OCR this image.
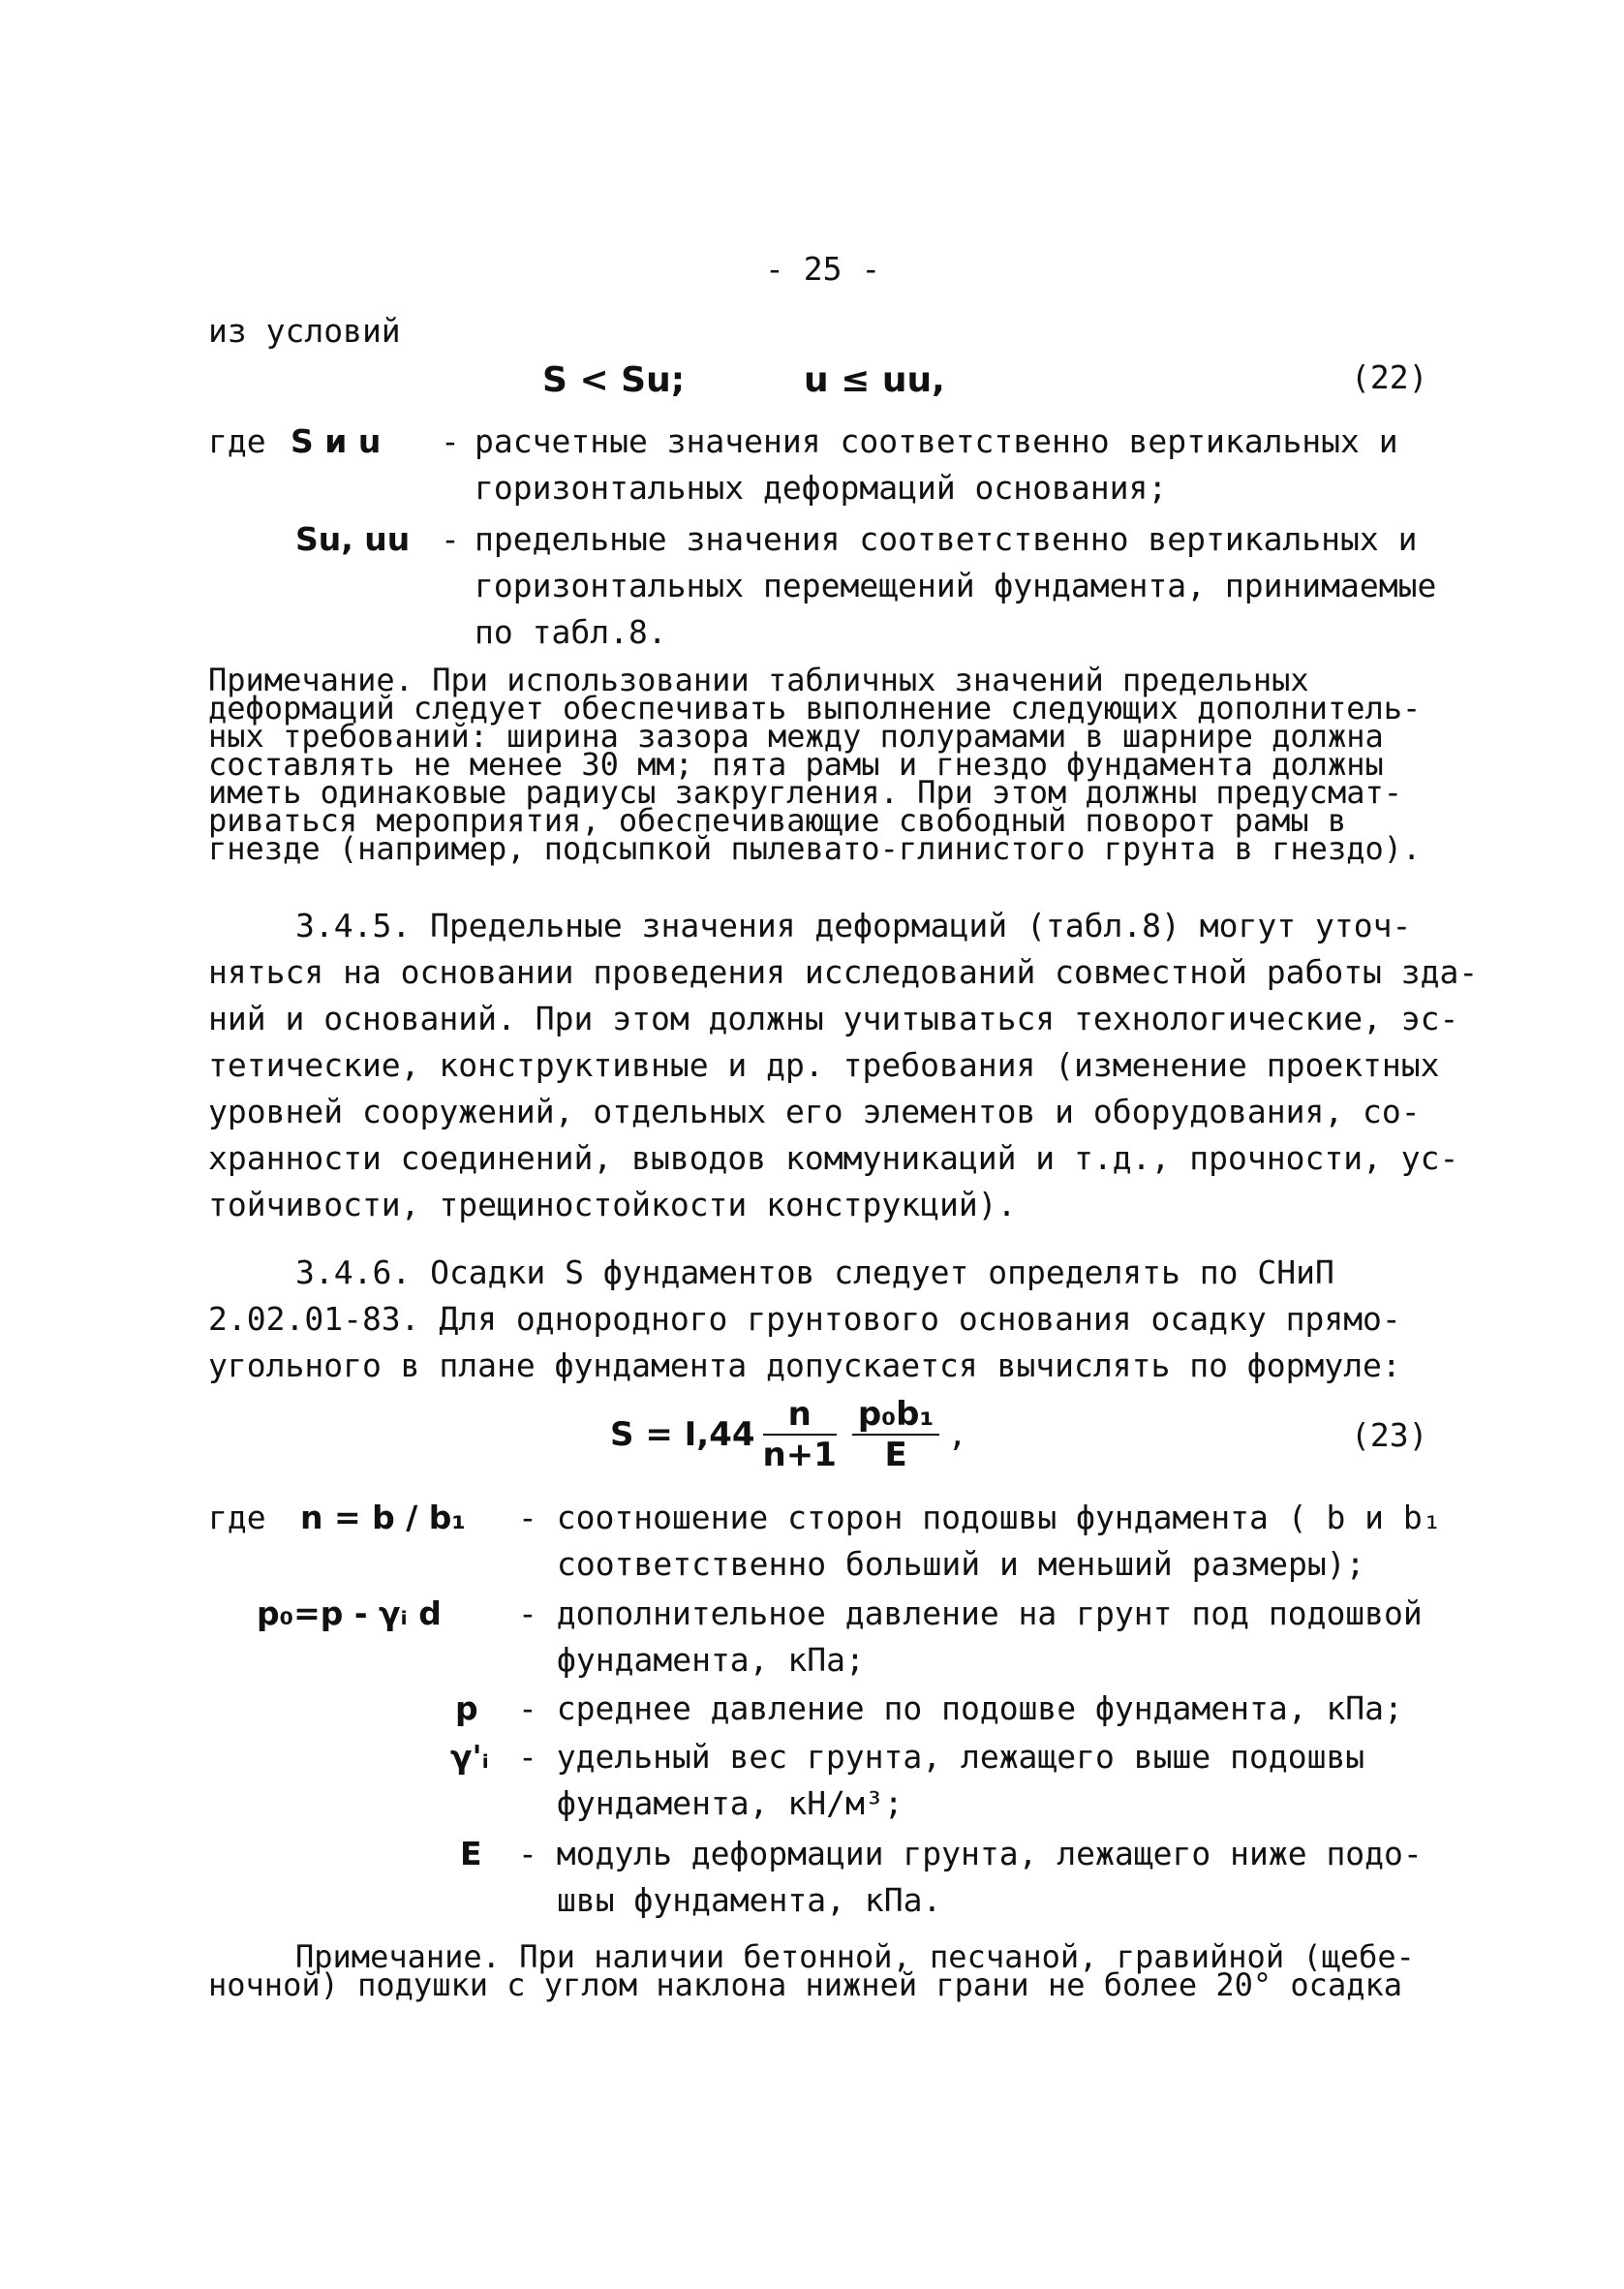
- 25 -
из условий
S < Su;	u ≤ uu,	(22)
где S и u - расчетные значения соответственно вертикальных и
горизонтальных деформаций основания;
Su, uu - предельные значения соответственно вертикальных и
горизонтальных перемещений фундамента, принимаемые
по табл.8.
Примечание. При использовании табличных значений предельных
деформаций следует обеспечивать выполнение следующих дополнитель-
ных требований: ширина зазора между полурамами в шарнире должна
составлять не менее 30 мм; пята рамы и гнездо фундамента должны
иметь одинаковые радиусы закругления. При этом должны предусмат-
риваться мероприятия, обеспечивающие свободный поворот рамы в
гнезде (например, подсыпкой пылевато-глинистого грунта в гнездо).
3.4.5. Предельные значения деформаций (табл.8) могут уточ-
няться на основании проведения исследований совместной работы зда-
ний и оснований. При этом должны учитываться технологические, эс-
тетические, конструктивные и др. требования (изменение проектных
уровней сооружений, отдельных его элементов и оборудования, со-
хранности соединений, выводов коммуникаций и т.д., прочности, ус-
тойчивости, трещиностойкости конструкций).
3.4.6. Осадки S фундаментов следует определять по СНиП
2.02.01-83. Для однородного грунтового основания осадку прямо-
угольного в плане фундамента допускается вычислять по формуле:
$S = I,44 \frac{n}{n+1} \frac{\text{p₀b₁}}{E}$ ,	(23)
где n = b / b₁ - соотношение сторон подошвы фундамента ( b и b₁
соответственно больший и меньший размеры);
p₀=p - γᵢ d - дополнительное давление на грунт под подошвой
фундамента, кПа;
p - среднее давление по подошве фундамента, кПа;
γ'ᵢ - удельный вес грунта, лежащего выше подошвы
фундамента, кН/м³;
E - модуль деформации грунта, лежащего ниже подо-
швы фундамента, кПа.
Примечание. При наличии бетонной, песчаной, гравийной (щебе-
ночной) подушки с углом наклона нижней грани не более 20° осадка
